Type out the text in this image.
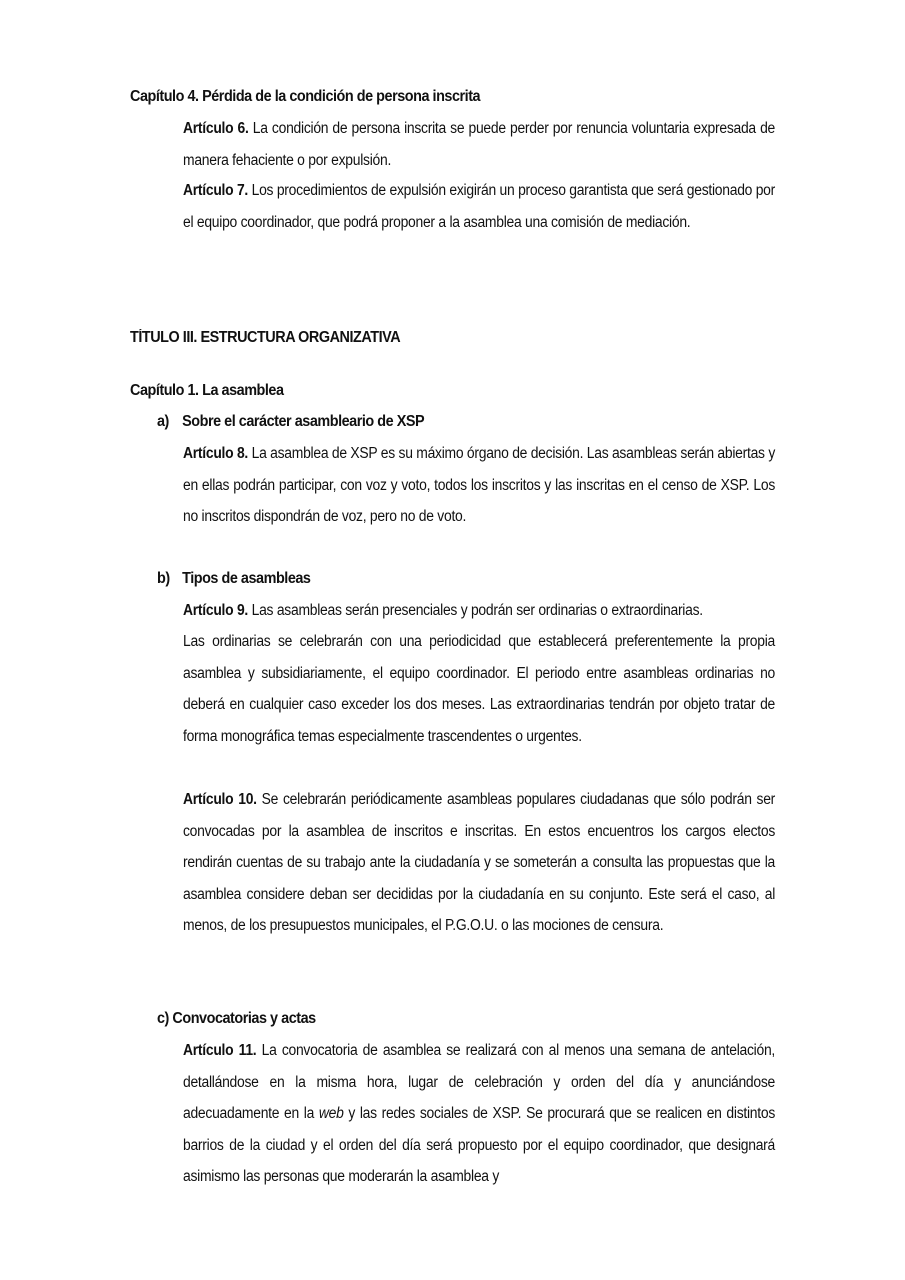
Capítulo 4. Pérdida de la condición de persona inscrita
Artículo 6. La condición de persona inscrita se puede perder por renuncia voluntaria expresada de manera fehaciente o por expulsión.
Artículo 7. Los procedimientos de expulsión exigirán un proceso garantista que será gestionado por el equipo coordinador, que podrá proponer a la asamblea una comisión de mediación.
TÍTULO III. ESTRUCTURA ORGANIZATIVA
Capítulo 1. La asamblea
a) Sobre el carácter asambleario de XSP
Artículo 8. La asamblea de XSP es su máximo órgano de decisión. Las asambleas serán abiertas y en ellas podrán participar, con voz y voto, todos los inscritos y las inscritas en el censo de XSP. Los no inscritos dispondrán de voz, pero no de voto.
b) Tipos de asambleas
Artículo 9. Las asambleas serán presenciales y podrán ser ordinarias o extraordinarias.
Las ordinarias se celebrarán con una periodicidad que establecerá preferentemente la propia asamblea y subsidiariamente, el equipo coordinador. El periodo entre asambleas ordinarias no deberá en cualquier caso exceder los dos meses. Las extraordinarias tendrán por objeto tratar de forma monográfica temas especialmente trascendentes o urgentes.
Artículo 10. Se celebrarán periódicamente asambleas populares ciudadanas que sólo podrán ser convocadas por la asamblea de inscritos e inscritas. En estos encuentros los cargos electos rendirán cuentas de su trabajo ante la ciudadanía y se someterán a consulta las propuestas que la asamblea considere deban ser decididas por la ciudadanía en su conjunto. Este será el caso, al menos, de los presupuestos municipales, el P.G.O.U. o las mociones de censura.
c) Convocatorias y actas
Artículo 11. La convocatoria de asamblea se realizará con al menos una semana de antelación, detallándose en la misma hora, lugar de celebración y orden del día y anunciándose adecuadamente en la web y las redes sociales de XSP. Se procurará que se realicen en distintos barrios de la ciudad y el orden del día será propuesto por el equipo coordinador, que designará asimismo las personas que moderarán la asamblea y
